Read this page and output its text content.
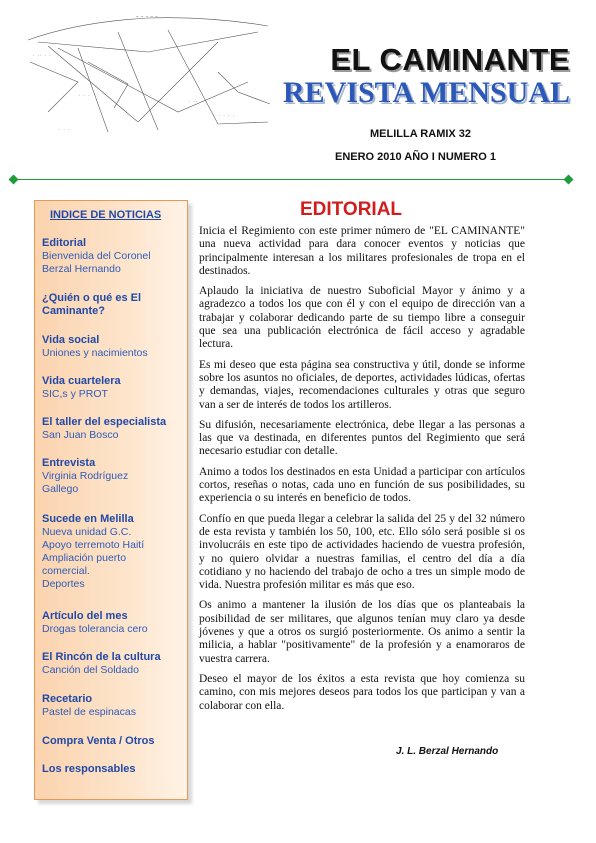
~ ~ ~ ~ ~
. .. . .
. . .
. .. .
. . . .
. . .
EL CAMINANTE
REVISTA MENSUAL
MELILLA RAMIX 32
ENERO 2010 AÑO I NUMERO 1
INDICE DE NOTICIAS
Editorial
Bienvenida del Coronel
Berzal Hernando
¿Quién o qué es El
Caminante?
Vida social
Uniones y nacimientos
Vida cuartelera
SIC,s y PROT
El taller del especialista
San Juan Bosco
Entrevista
Virginia Rodríguez
Gallego
Sucede en Melilla
Nueva unidad G.C.
Apoyo terremoto Haití
Ampliación puerto
comercial.
Deportes
Artículo del mes
Drogas tolerancia cero
El Rincón de la cultura
Canción del Soldado
Recetario
Pastel de espinacas
Compra Venta / Otros
Los responsables
EDITORIAL

Inicia el Regimiento con este primer número de "EL CAMINANTE" una nueva actividad para dara conocer eventos y noticias que principalmente interesan a los militares profesionales de tropa en el destinados.

Aplaudo la iniciativa de nuestro Suboficial Mayor y ánimo y a agradezco a todos los que con él y con el equipo de dirección van a trabajar y colaborar dedicando parte de su tiempo libre a conseguir que sea una publicación electrónica de fácil acceso y agradable lectura.

Es mi deseo que esta página sea constructiva y útil, donde se informe sobre los asuntos no oficiales, de deportes, actividades lúdicas, ofertas y demandas, viajes, recomendaciones culturales y otras que seguro van a ser de interés de todos los artilleros.

Su difusión, necesariamente electrónica, debe llegar a las personas a las que va destinada, en diferentes puntos del Regimiento que será necesario estudiar con detalle.

Animo a todos los destinados en esta Unidad a participar con artículos cortos, reseñas o notas, cada uno en función de sus posibilidades, su experiencia o su interés en beneficio de todos.

Confío en que pueda llegar a celebrar la salida del 25 y del 32 número de esta revista y también los 50, 100, etc. Ello sólo será posible si os involucráis en este tipo de actividades haciendo de vuestra profesión, y no quiero olvidar a nuestras familias, el centro del día a día cotidiano y no haciendo del trabajo de ocho a tres un simple modo de vida. Nuestra profesión militar es más que eso.

Os animo a mantener la ilusión de los días que os planteabais la posibilidad de ser militares, que algunos tenían muy claro ya desde jóvenes y que a otros os surgió posteriormente. Os animo a sentir la milicia, a hablar "positivamente" de la profesión y a enamoraros de vuestra carrera.

Deseo el mayor de los éxitos a esta revista que hoy comienza su camino, con mis mejores deseos para todos los que participan y van a colaborar con ella.

J. L. Berzal Hernando
